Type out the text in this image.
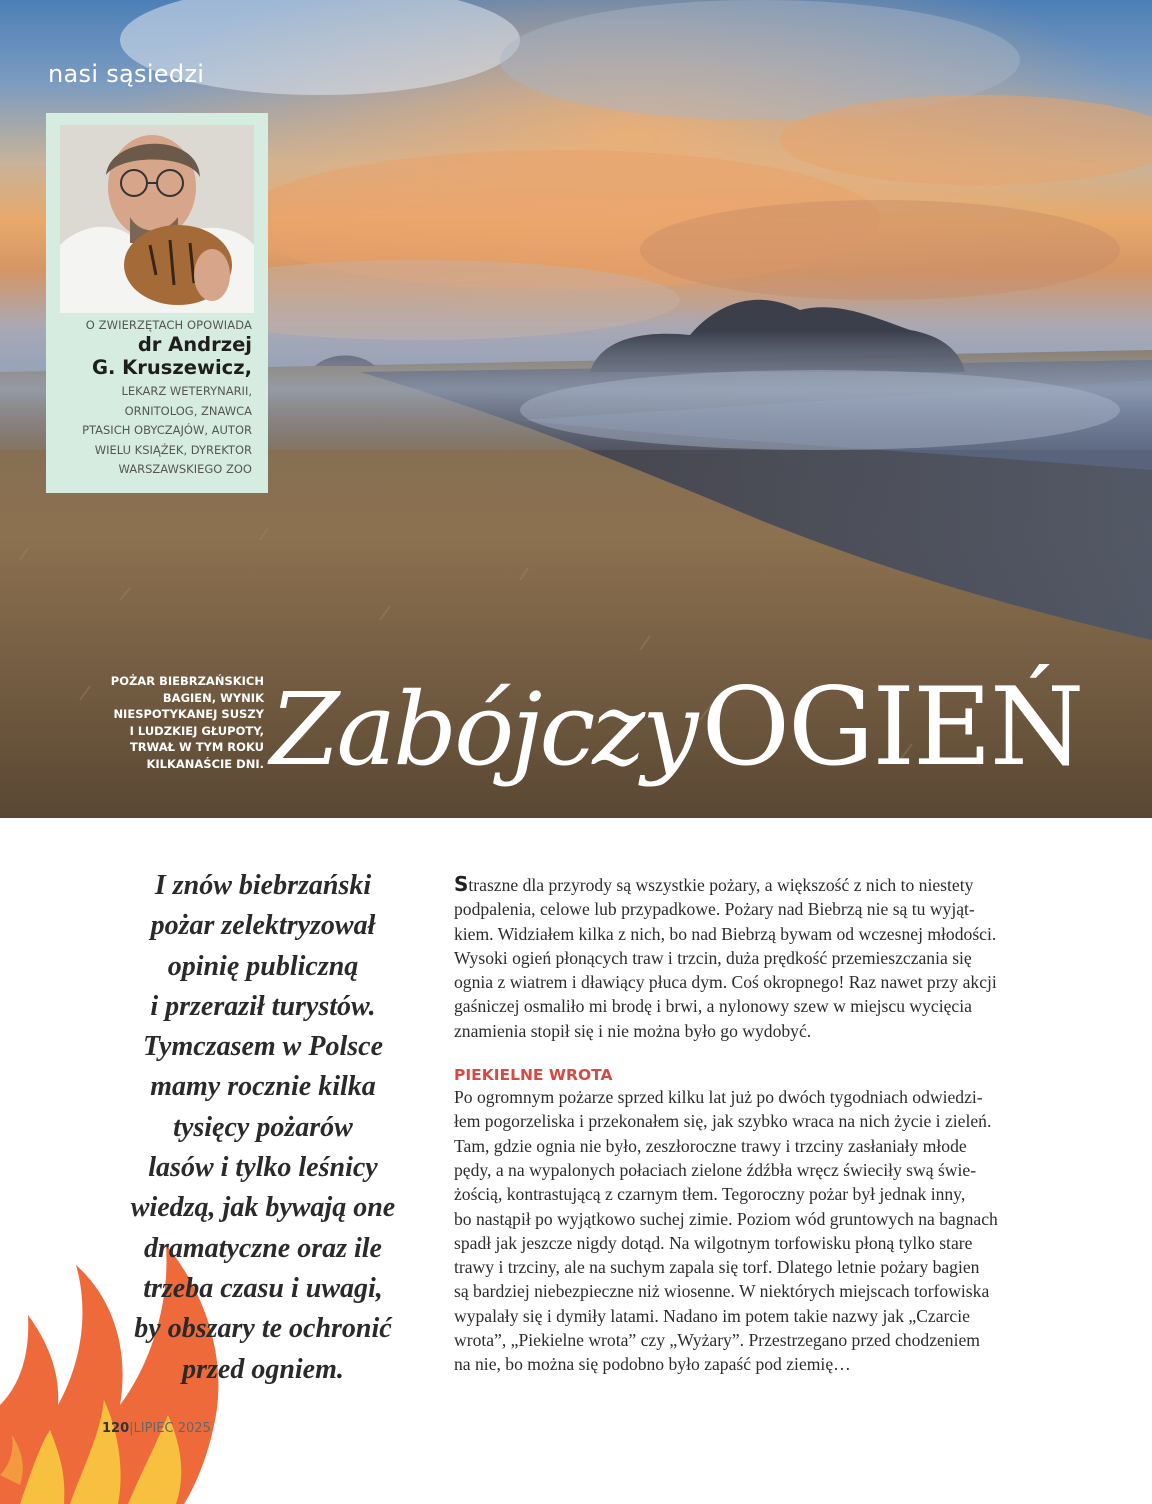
nasi sąsiedzi
O ZWIERZĘTACH OPOWIADA
dr Andrzej
G. Kruszewicz,
LEKARZ WETERYNARII,
ORNITOLOG, ZNAWCA
PTASICH OBYCZAJÓW, AUTOR
WIELU KSIĄŻEK, DYREKTOR
WARSZAWSKIEGO ZOO
POŻAR BIEBRZAŃSKICH
BAGIEN, WYNIK
NIESPOTYKANEJ SUSZY
I LUDZKIEJ GŁUPOTY,
TRWAŁ W TYM ROKU
KILKANAŚCIE DNI. ZabójczyOGIEŃ
I znów biebrzański
pożar zelektryzował
opinię publiczną
i przeraził turystów.
Tymczasem w Polsce
mamy rocznie kilka
tysięcy pożarów
lasów i tylko leśnicy
wiedzą, jak bywają one
dramatyczne oraz ile
trzeba czasu i uwagi,
by obszary te ochronić
przed ogniem.

Straszne dla przyrody są wszystkie pożary, a większość z nich to niestety
podpalenia, celowe lub przypadkowe. Pożary nad Biebrzą nie są tu wyjąt-
kiem. Widziałem kilka z nich, bo nad Biebrzą bywam od wczesnej młodości.
Wysoki ogień płonących traw i trzcin, duża prędkość przemieszczania się
ognia z wiatrem i dławiący płuca dym. Coś okropnego! Raz nawet przy akcji
gaśniczej osmaliło mi brodę i brwi, a nylonowy szew w miejscu wycięcia
znamienia stopił się i nie można było go wydobyć.

PIEKIELNE WROTA

Po ogromnym pożarze sprzed kilku lat już po dwóch tygodniach odwiedzi-
łem pogorzeliska i przekonałem się, jak szybko wraca na nich życie i zieleń.
Tam, gdzie ognia nie było, zeszłoroczne trawy i trzciny zasłaniały młode
pędy, a na wypalonych połaciach zielone źdźbła wręcz świeciły swą świe-
żością, kontrastującą z czarnym tłem. Tegoroczny pożar był jednak inny,
bo nastąpił po wyjątkowo suchej zimie. Poziom wód gruntowych na bagnach
spadł jak jeszcze nigdy dotąd. Na wilgotnym torfowisku płoną tylko stare
trawy i trzciny, ale na suchym zapala się torf. Dlatego letnie pożary bagien
są bardziej niebezpieczne niż wiosenne. W niektórych miejscach torfowiska
wypalały się i dymiły latami. Nadano im potem takie nazwy jak „Czarcie
wrota”, „Piekielne wrota” czy „Wyżary”. Przestrzegano przed chodzeniem
na nie, bo można się podobno było zapaść pod ziemię…

120|LIPIEC 2025
